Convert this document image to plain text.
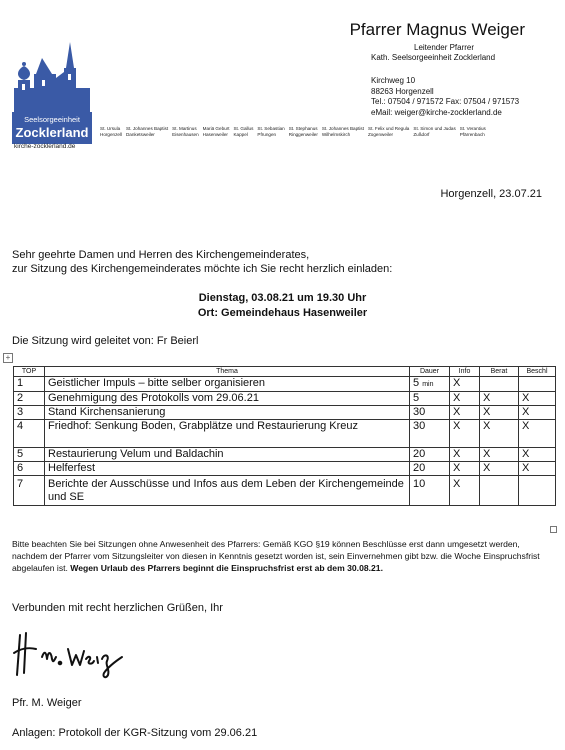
Seelsorgeeinheit
Zocklerland
kirche-zocklerland.de
Pfarrer Magnus Weiger
Leitender Pfarrer
Kath. Seelsorgeeinheit Zocklerland
Kirchweg 10
88263 Horgenzell
Tel.: 07504 / 971572 Fax: 07504 / 971573
eMail: weiger@kirche-zocklerland.de
St. Ursula
Horgenzell
St. Johannes Baptist
Danketsweiler
St. Martinus
Eisenhausen
Mariä Geburt
Hasenweiler
St. Gallus
Kappel
St. Sebastian
Pfrungen
St. Stephanus
Ringgenweiler
St. Johannes Baptist
Wilhelmskirch
St. Felix und Regula
Zogenweiler
St. Simon und Judas
Zußdorf
St. Verantius
Pfärrenbach
Horgenzell, 23.07.21
Sehr geehrte Damen und Herren des Kirchengemeinderates,
zur Sitzung des Kirchengemeinderates möchte ich Sie recht herzlich einladen:
Dienstag, 03.08.21 um 19.30 Uhr
Ort: Gemeindehaus Hasenweiler
Die Sitzung wird geleitet von: Fr Beierl
+
TOP	Thema	Dauer	Info	Berat	Beschl
1	Geistlicher Impuls – bitte selber organisieren	5 min	X		
2	Genehmigung des Protokolls vom 29.06.21	5	X	X	X
3	Stand Kirchensanierung	30	X	X	X
4	Friedhof: Senkung Boden, Grabplätze und Restaurierung Kreuz	30	X	X	X
5	Restaurierung Velum und Baldachin	20	X	X	X
6	Helferfest	20	X	X	X
7	Berichte der Ausschüsse und Infos aus dem Leben der Kirchengemeinde und SE	10	X		
Bitte beachten Sie bei Sitzungen ohne Anwesenheit des Pfarrers: Gemäß KGO §19 können Beschlüsse erst dann umgesetzt werden, nachdem der Pfarrer vom Sitzungsleiter von diesen in Kenntnis gesetzt worden ist, sein Einvernehmen gibt bzw. die Woche Einspruchsfrist abgelaufen ist. Wegen Urlaub des Pfarrers beginnt die Einspruchsfrist erst ab dem 30.08.21.
Verbunden mit recht herzlichen Grüßen, Ihr
Pfr. M. Weiger
Anlagen: Protokoll der KGR-Sitzung vom 29.06.21
